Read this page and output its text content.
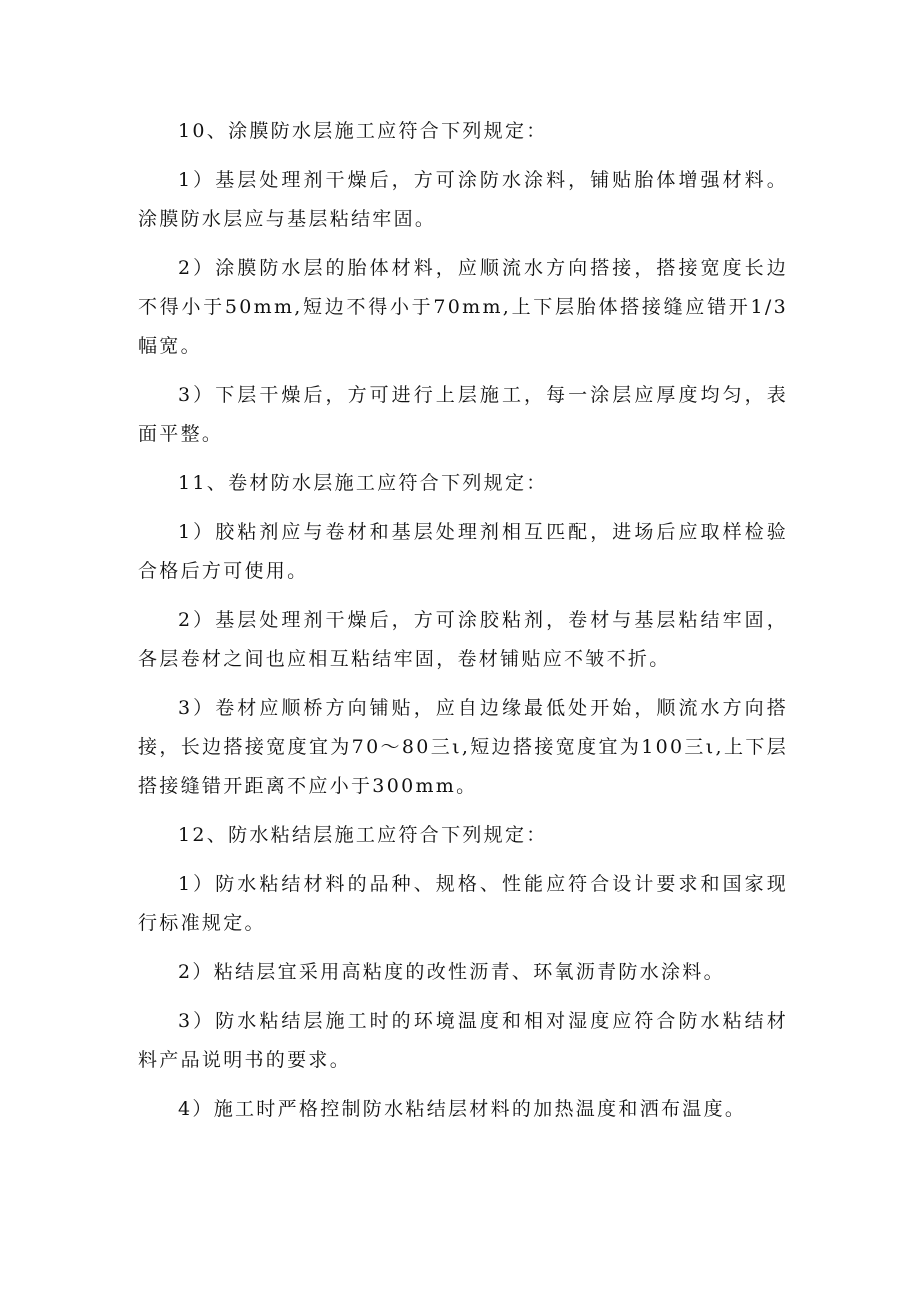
10、涂膜防水层施工应符合下列规定：

1）基层处理剂干燥后，方可涂防水涂料，铺贴胎体增强材料。涂膜防水层应与基层粘结牢固。

2）涂膜防水层的胎体材料，应顺流水方向搭接，搭接宽度长边不得小于50mm,短边不得小于70mm,上下层胎体搭接缝应错开1/3幅宽。

3）下层干燥后，方可进行上层施工，每一涂层应厚度均匀，表面平整。

11、卷材防水层施工应符合下列规定：

1）胶粘剂应与卷材和基层处理剂相互匹配，进场后应取样检验合格后方可使用。

2）基层处理剂干燥后，方可涂胶粘剂，卷材与基层粘结牢固，各层卷材之间也应相互粘结牢固，卷材铺贴应不皱不折。

3）卷材应顺桥方向铺贴，应自边缘最低处开始，顺流水方向搭接，长边搭接宽度宜为70～80三ι,短边搭接宽度宜为100三ι,上下层搭接缝错开距离不应小于300mm。

12、防水粘结层施工应符合下列规定：

1）防水粘结材料的品种、规格、性能应符合设计要求和国家现行标准规定。

2）粘结层宜采用高粘度的改性沥青、环氧沥青防水涂料。

3）防水粘结层施工时的环境温度和相对湿度应符合防水粘结材料产品说明书的要求。

4）施工时严格控制防水粘结层材料的加热温度和洒布温度。
